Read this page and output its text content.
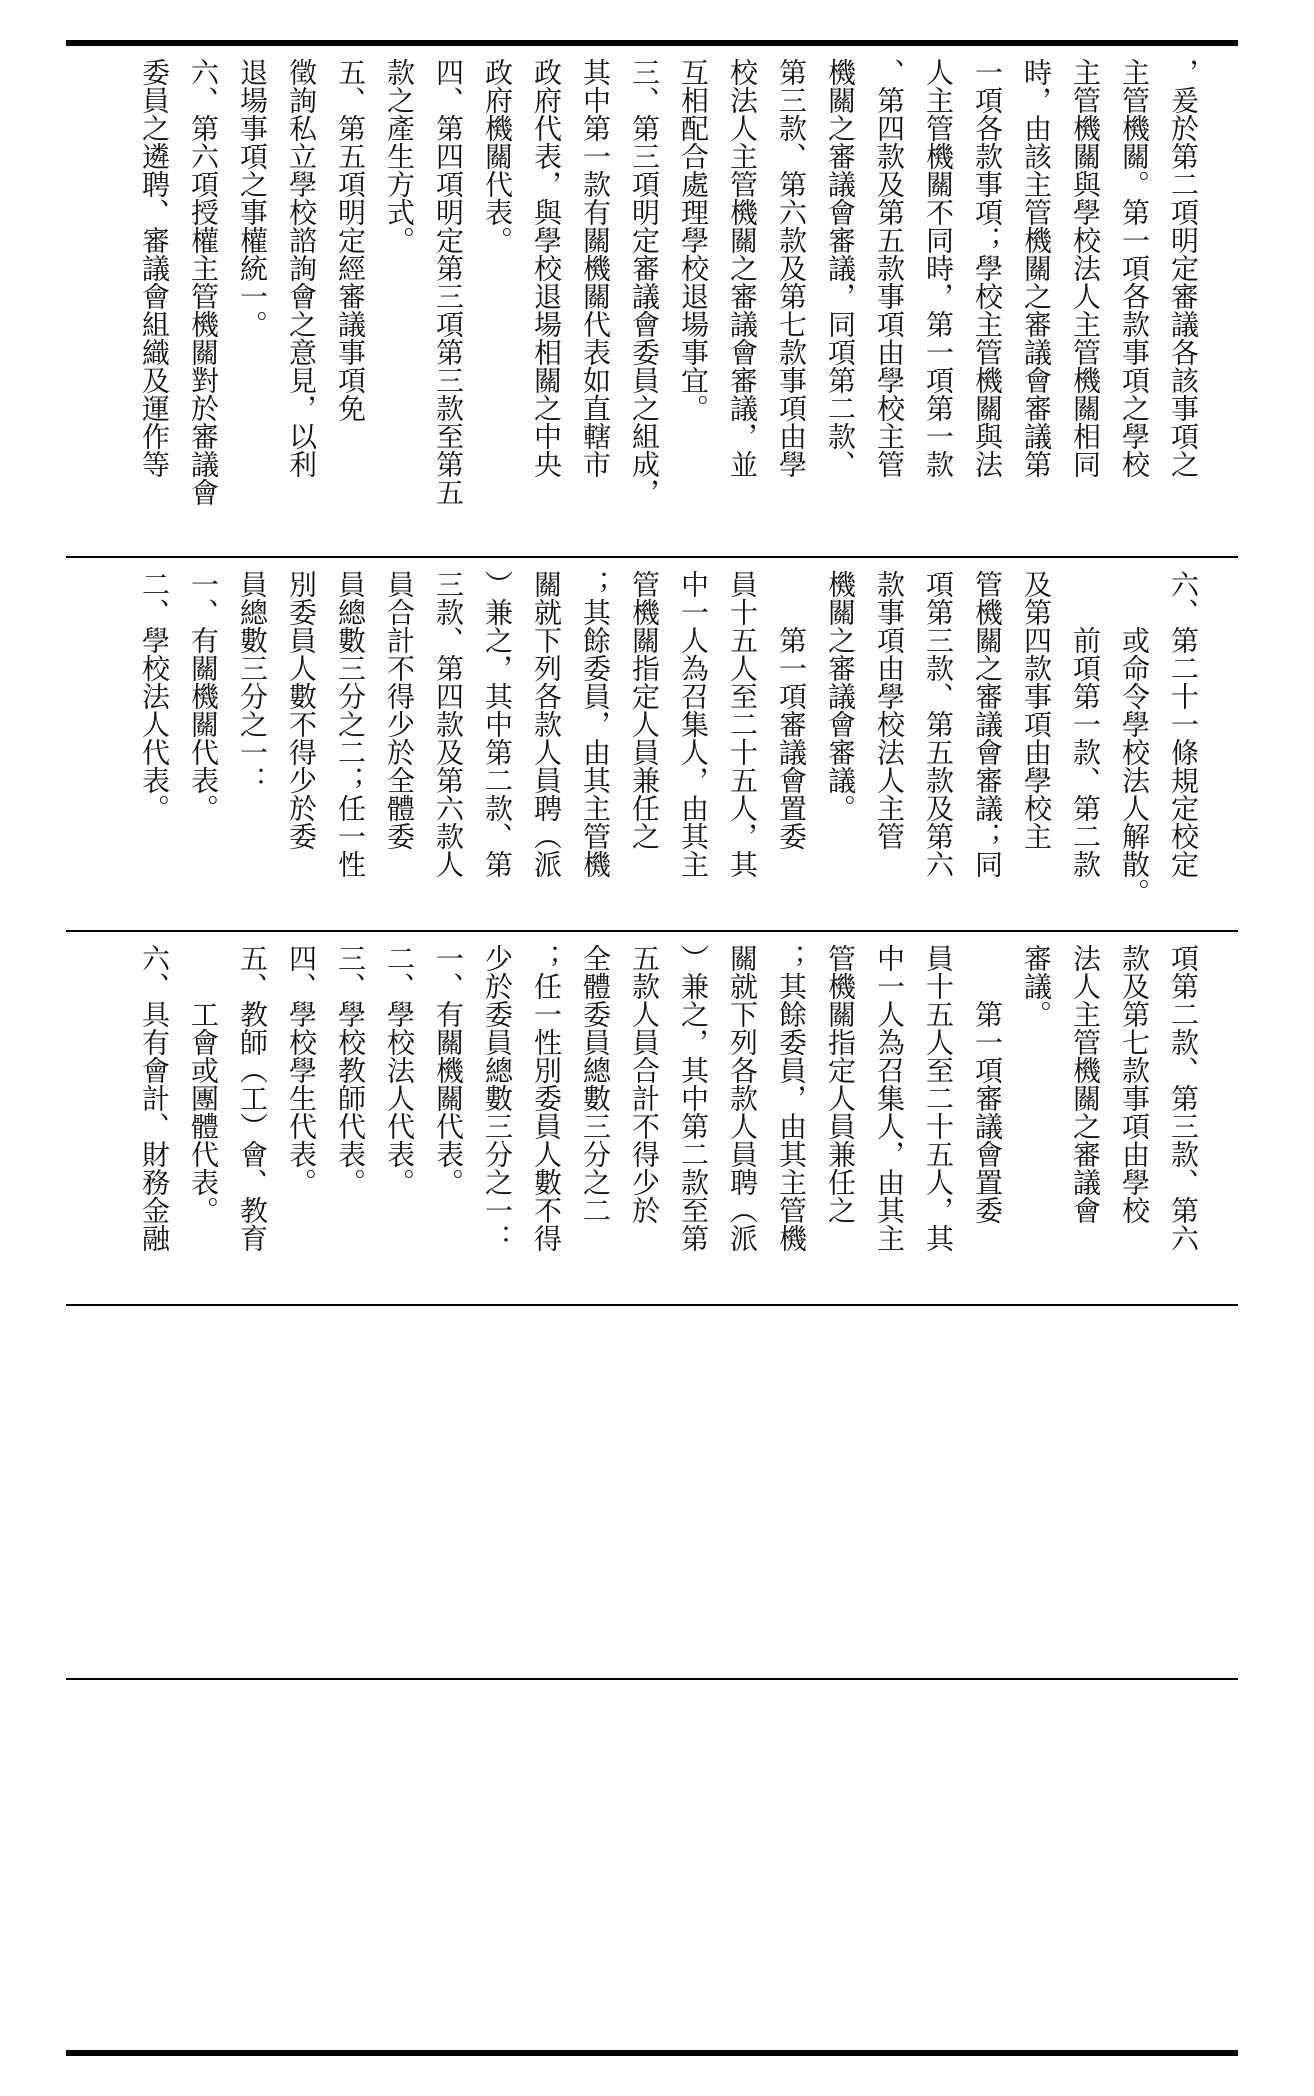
，爰於第二項明定審議各該事項之
主管機關。第一項各款事項之學校
主管機關與學校法人主管機關相同
時，由該主管機關之審議會審議第
一項各款事項；學校主管機關與法
人主管機關不同時，第一項第一款
、第四款及第五款事項由學校主管
機關之審議會審議，同項第二款、
第三款、第六款及第七款事項由學
校法人主管機關之審議會審議，並
互相配合處理學校退場事宜。
三、第三項明定審議會委員之組成，
其中第一款有關機關代表如直轄市
政府代表，與學校退場相關之中央
政府機關代表。
四、第四項明定第三項第三款至第五
款之產生方式。
五、第五項明定經審議事項免
徵詢私立學校諮詢會之意見，以利
退場事項之事權統一。
六、第六項授權主管機關對於審議會
委員之遴聘、審議會組織及運作等
六、第二十一條規定校定
　　或命令學校法人解散。
　　前項第一款、第二款
及第四款事項由學校主
管機關之審議會審議；同
項第三款、第五款及第六
款事項由學校法人主管
機關之審議會審議。
　　第一項審議會置委
員十五人至二十五人，其
中一人為召集人，由其主
管機關指定人員兼任之
；其餘委員，由其主管機
關就下列各款人員聘（派
）兼之，其中第二款、第
三款、第四款及第六款人
員合計不得少於全體委
員總數三分之二；任一性
別委員人數不得少於委
員總數三分之一：
一、有關機關代表。
二、學校法人代表。
項第二款、第三款、第六
款及第七款事項由學校
法人主管機關之審議會
審議。
　　第一項審議會置委
員十五人至二十五人，其
中一人為召集人，由其主
管機關指定人員兼任之
；其餘委員，由其主管機
關就下列各款人員聘（派
）兼之，其中第二款至第
五款人員合計不得少於
全體委員總數三分之二
；任一性別委員人數不得
少於委員總數三分之一：
一、有關機關代表。
二、學校法人代表。
三、學校教師代表。
四、學校學生代表。
五、教師（工）會、教育
　　工會或團體代表。
六、具有會計、財務金融
